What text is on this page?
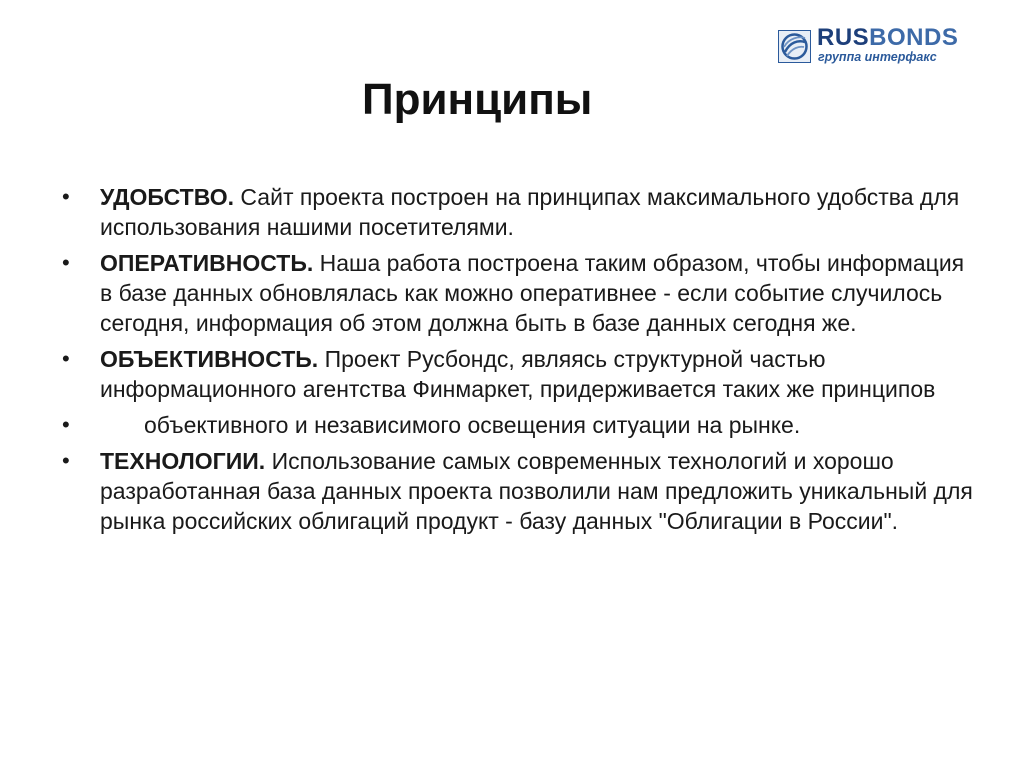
RUSBONDS
группа интерфакс
Принципы
• УДОБСТВО. Сайт проекта построен на принципах максимального удобства для использования нашими посетителями.
• ОПЕРАТИВНОСТЬ. Наша работа построена таким образом, чтобы информация в базе данных обновлялась как можно оперативнее - если событие случилось сегодня, информация об этом должна быть в базе данных сегодня же.
• ОБЪЕКТИВНОСТЬ. Проект Русбондс, являясь структурной частью информационного агентства Финмаркет, придерживается таких же принципов
•	объективного и независимого освещения ситуации на рынке.
• ТЕХНОЛОГИИ. Использование самых современных технологий и хорошо разработанная база данных проекта позволили нам предложить уникальный для рынка российских облигаций продукт - базу данных "Облигации в России".
